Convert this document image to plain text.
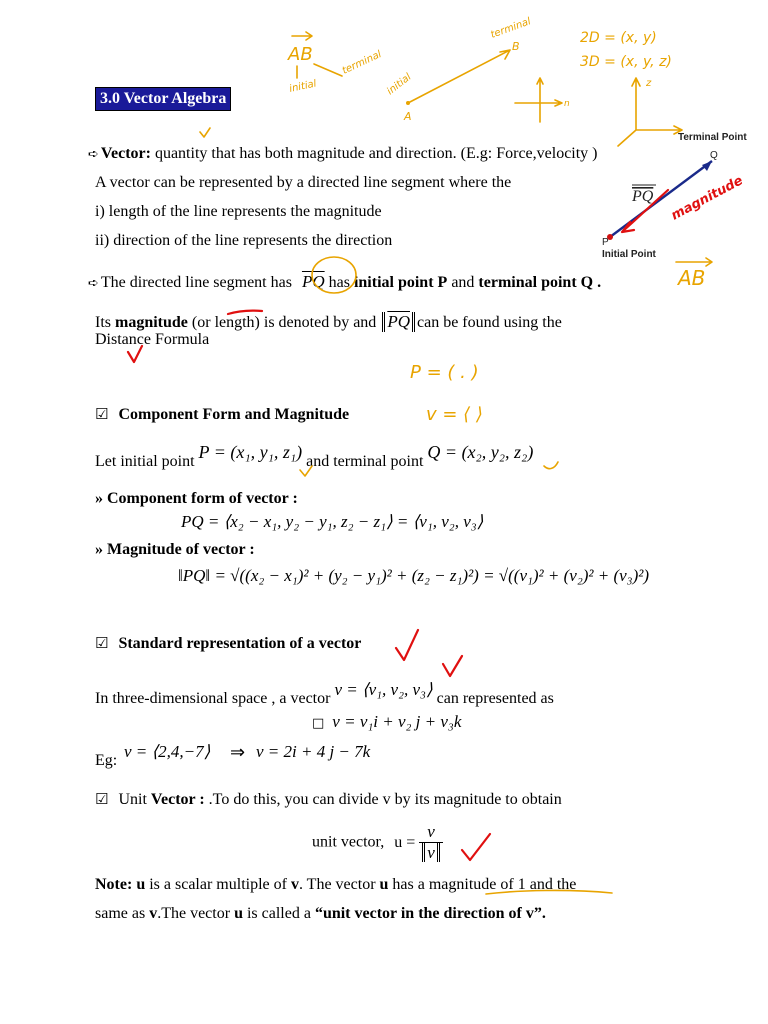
3.0 Vector Algebra
➪ Vector: quantity that has both magnitude and direction. (E.g: Force,velocity )
A vector can be represented by a directed line segment where the
i) length of the line represents the magnitude
ii) direction of the line represents the direction
➪ The directed line segment has $\overline{PQ}$ has initial point P and terminal point Q .
Its magnitude (or length) is denoted by and $\overline{PQ}$ can be found using the
Distance Formula
☑ Component Form and Magnitude
Let initial point P = (x₁, y₁, z₁) and terminal point Q = (x₂, y₂, z₂)
» Component form of vector :
PQ = ⟨x₂ − x₁, y₂ − y₁, z₂ − z₁⟩ = ⟨v₁, v₂, v₃⟩
» Magnitude of vector :
‖PQ‖ = √((x₂ − x₁)² + (y₂ − y₁)² + (z₂ − z₁)²) = √((v₁)² + (v₂)² + (v₃)²)
☑ Standard representation of a vector
In three-dimensional space , a vector v = ⟨v₁, v₂, v₃⟩ can represented as
□ v = v₁i + v₂ j + v₃k
Eg: v = ⟨2,4,−7⟩ ⇒ v = 2i + 4 j − 7k
☑ Unit Vector : .To do this, you can divide v by its magnitude to obtain
unit vector, $u = \frac{v}{v}$
Note: u is a scalar multiple of v. The vector u has a magnitude of 1 and the
same as v.The vector u is called a “unit vector in the direction of v”.
Terminal Point
Q
PQ
P
Initial Point
AB
initial
terminal
A
B
initial
terminal
n
2D = (x, y)
3D = (x, y, z)
z
magnitude
AB
P = ( . )
v = ⟨ ⟩
